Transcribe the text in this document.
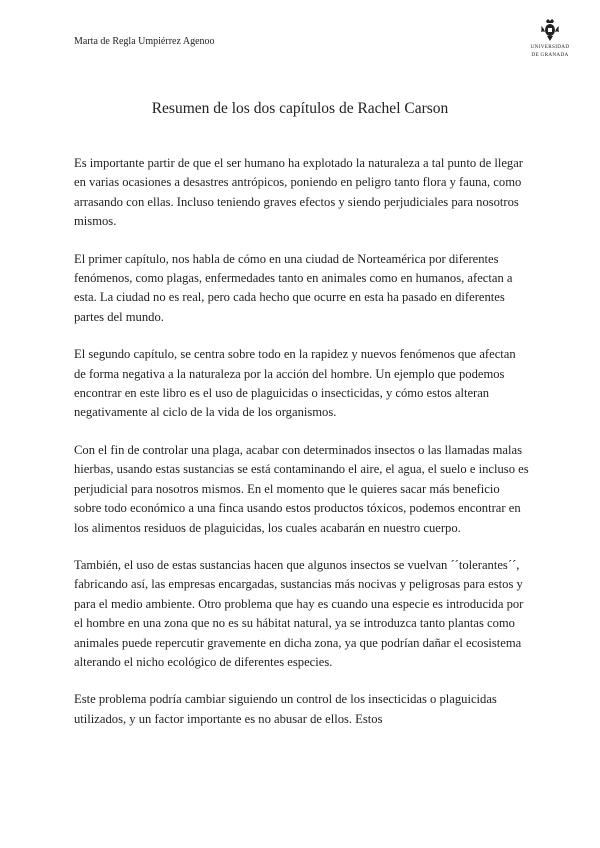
Marta de Regla Umpiérrez Agenoo	UNIVERSIDAD
DE GRANADA
Resumen de los dos capítulos de Rachel Carson

Es importante partir de que el ser humano ha explotado la naturaleza a tal punto de llegar en varias ocasiones a desastres antrópicos, poniendo en peligro tanto flora y fauna, como arrasando con ellas. Incluso teniendo graves efectos y siendo perjudiciales para nosotros mismos.

El primer capítulo, nos habla de cómo en una ciudad de Norteamérica por diferentes fenómenos, como plagas, enfermedades tanto en animales como en humanos, afectan a esta. La ciudad no es real, pero cada hecho que ocurre en esta ha pasado en diferentes partes del mundo.

El segundo capítulo, se centra sobre todo en la rapidez y nuevos fenómenos que afectan de forma negativa a la naturaleza por la acción del hombre. Un ejemplo que podemos encontrar en este libro es el uso de plaguicidas o insecticidas, y cómo estos alteran negativamente al ciclo de la vida de los organismos.

Con el fin de controlar una plaga, acabar con determinados insectos o las llamadas malas hierbas, usando estas sustancias se está contaminando el aire, el agua, el suelo e incluso es perjudicial para nosotros mismos. En el momento que le quieres sacar más beneficio sobre todo económico a una finca usando estos productos tóxicos, podemos encontrar en los alimentos residuos de plaguicidas, los cuales acabarán en nuestro cuerpo.

También, el uso de estas sustancias hacen que algunos insectos se vuelvan ´´tolerantes´´, fabricando así, las empresas encargadas, sustancias más nocivas y peligrosas para estos y para el medio ambiente. Otro problema que hay es cuando una especie es introducida por el hombre en una zona que no es su hábitat natural, ya se introduzca tanto plantas como animales puede repercutir gravemente en dicha zona, ya que podrían dañar el ecosistema alterando el nicho ecológico de diferentes especies.

Este problema podría cambiar siguiendo un control de los insecticidas o plaguicidas utilizados, y un factor importante es no abusar de ellos. Estos
